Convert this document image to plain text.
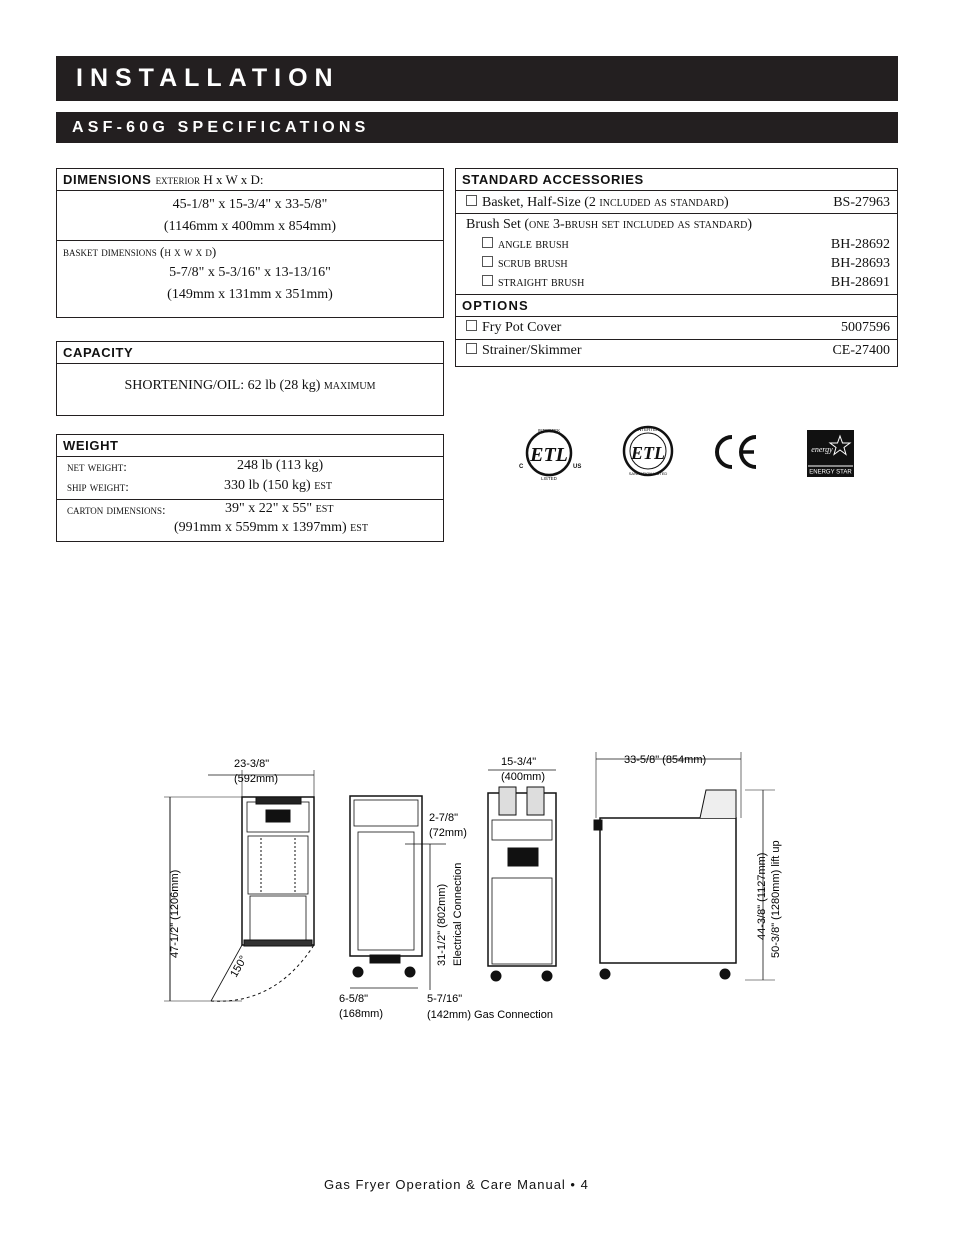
INSTALLATION
ASF-60G SPECIFICATIONS
DIMENSIONS exterior H x W x D:
45-1/8" x 15-3/4" x 33-5/8"
(1146mm x 400mm x 854mm)
basket dimensions (h x w x d)
5-7/8" x 5-3/16" x 13-13/16"
(149mm x 131mm x 351mm)
CAPACITY
SHORTENING/OIL: 62 lb (28 kg) maximum
WEIGHT
net weight:	248 lb (113 kg)
ship weight:	330 lb (150 kg) est
carton dimensions:	39" x 22" x 55" est
(991mm x 559mm x 1397mm) est
STANDARD ACCESSORIES
Basket, Half-Size (2 included as standard)	BS-27963
Brush Set (one 3-brush set included as standard)
angle brush	BH-28692
scrub brush	BH-28693
straight brush	BH-28691
OPTIONS
Fry Pot Cover	5007596
Strainer/Skimmer	CE-27400
ETL
INTERTEK
LISTED
C	US
ETL
INTERTEK
SANITATION LISTED
energy
ENERGY STAR
23-3/8"
(592mm)
47-1/2" (1206mm)
150°
2-7/8"
(72mm)
31-1/2" (802mm) Electrical Connection
6-5/8"
(168mm)
5-7/16"
(142mm) Gas Connection
15-3/4"
(400mm)
33-5/8" (854mm)
44-3/8" (1127mm) 50-3/8" (1280mm) lift up
Gas Fryer Operation & Care Manual • 4
